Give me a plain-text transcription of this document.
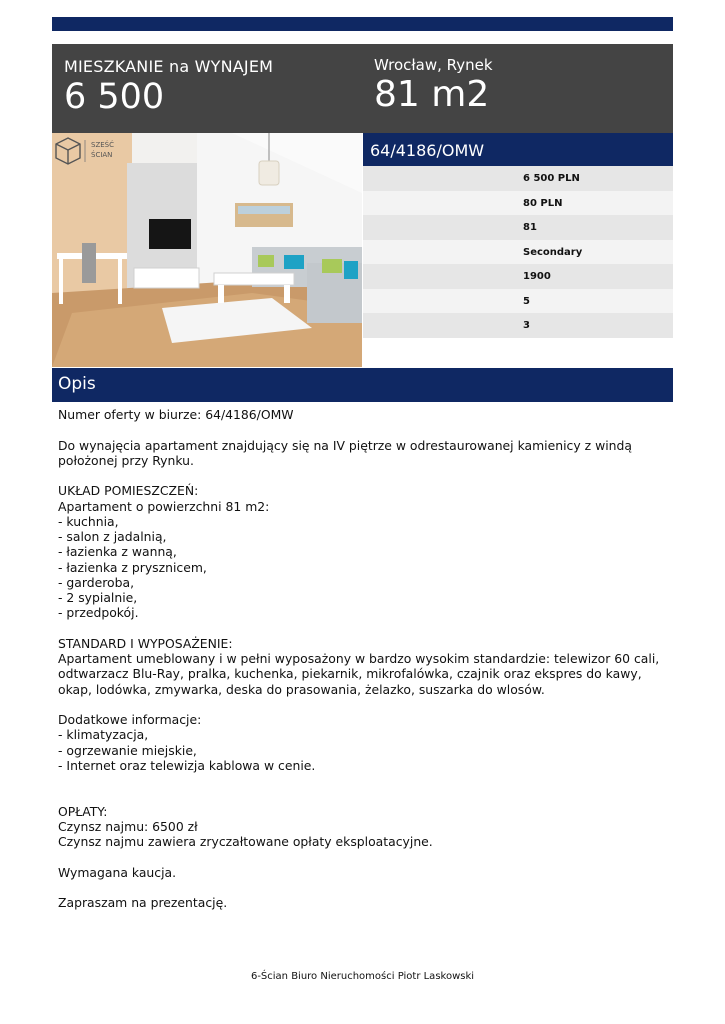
MIESZKANIE na WYNAJEM
6 500
Wrocław, Rynek
81 m2
SZEŚĆ
ŚCIAN	64/4186/OMW
6 500 PLN
80 PLN
81
Secondary
1900
5
3
Opis
Numer oferty w biurze: 64/4186/OMW
Do wynajęcia apartament znajdujący się na IV piętrze w odrestaurowanej kamienicy z windą
położonej przy Rynku.
UKŁAD POMIESZCZEŃ:
Apartament o powierzchni 81 m2:
- kuchnia,
- salon z jadalnią,
- łazienka z wanną,
- łazienka z prysznicem,
- garderoba,
- 2 sypialnie,
- przedpokój.
STANDARD I WYPOSAŻENIE:
Apartament umeblowany i w pełni wyposażony w bardzo wysokim standardzie: telewizor 60 cali,
odtwarzacz Blu-Ray, pralka, kuchenka, piekarnik, mikrofalówka, czajnik oraz ekspres do kawy,
okap, lodówka, zmywarka, deska do prasowania, żelazko, suszarka do wlosów.
Dodatkowe informacje:
- klimatyzacja,
- ogrzewanie miejskie,
- Internet oraz telewizja kablowa w cenie.
OPŁATY:
Czynsz najmu: 6500 zł
Czynsz najmu zawiera zryczałtowane opłaty eksploatacyjne.
Wymagana kaucja.
Zapraszam na prezentację.
6-Ścian Biuro Nieruchomości Piotr Laskowski
